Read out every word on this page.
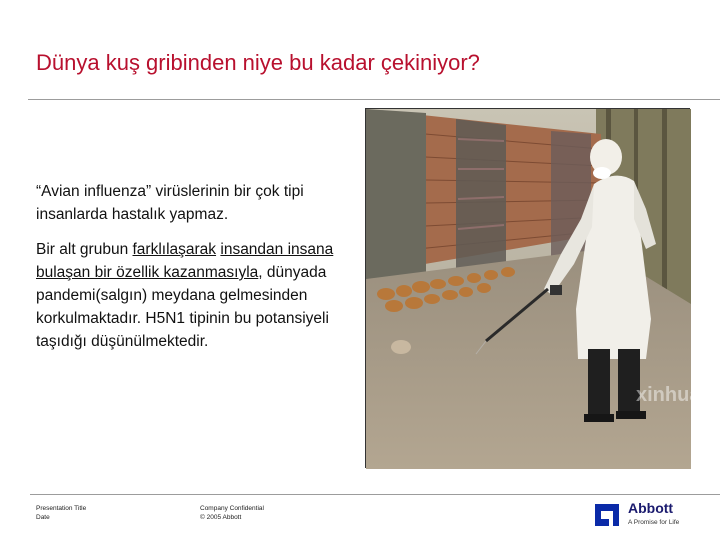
Dünya kuş gribinden niye bu kadar çekiniyor?
“Avian influenza” virüslerinin bir çok tipi insanlarda hastalık yapmaz.
Bir alt grubun farklılaşarak insandan insana bulaşan bir özellik kazanmasıyla, dünyada pandemi(salgın) meydana gelmesinden korkulmaktadır. H5N1 tipinin bu potansiyeli taşıdığı düşünülmektedir.
xinhua
Presentation Title
Date
Company Confidential
© 2005 Abbott
Abbott
A Promise for Life
